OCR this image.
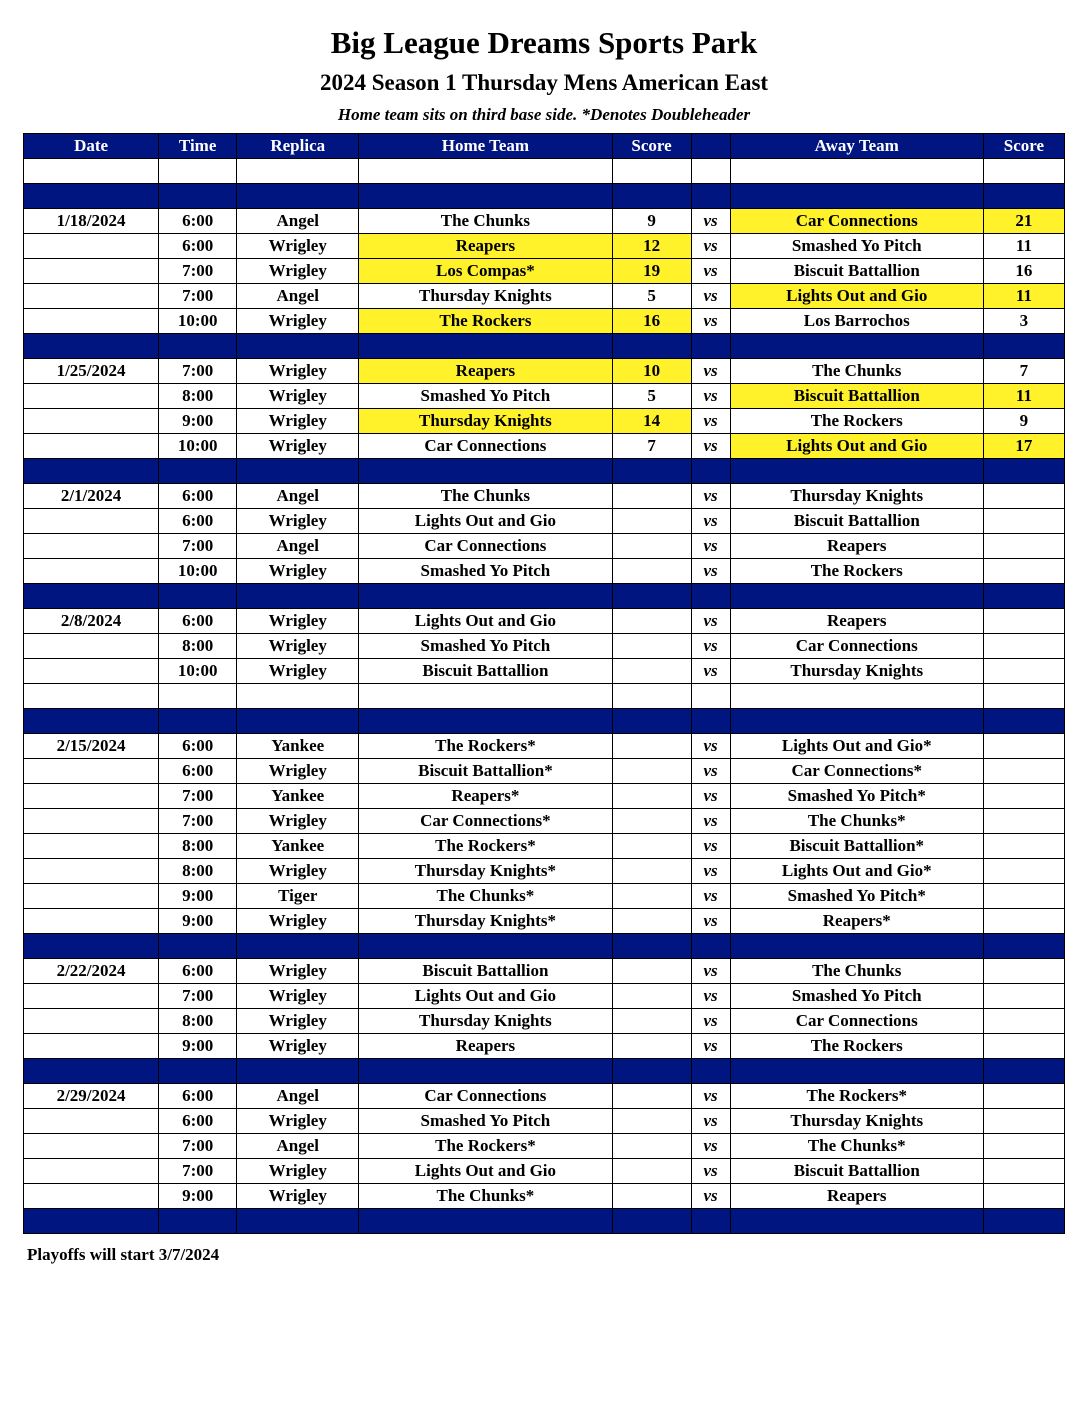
Big League Dreams Sports Park
2024 Season 1 Thursday Mens American East
Home team sits on third base side. *Denotes Doubleheader
Date	Time	Replica	Home Team	Score		Away Team	Score

1/18/2024	6:00	Angel	The Chunks	9	vs	Car Connections	21
	6:00	Wrigley	Reapers	12	vs	Smashed Yo Pitch	11
	7:00	Wrigley	Los Compas*	19	vs	Biscuit Battallion	16
	7:00	Angel	Thursday Knights	5	vs	Lights Out and Gio	11
	10:00	Wrigley	The Rockers	16	vs	Los Barrochos	3

1/25/2024	7:00	Wrigley	Reapers	10	vs	The Chunks	7
	8:00	Wrigley	Smashed Yo Pitch	5	vs	Biscuit Battallion	11
	9:00	Wrigley	Thursday Knights	14	vs	The Rockers	9
	10:00	Wrigley	Car Connections	7	vs	Lights Out and Gio	17

2/1/2024	6:00	Angel	The Chunks		vs	Thursday Knights	
	6:00	Wrigley	Lights Out and Gio		vs	Biscuit Battallion	
	7:00	Angel	Car Connections		vs	Reapers	
	10:00	Wrigley	Smashed Yo Pitch		vs	The Rockers	

2/8/2024	6:00	Wrigley	Lights Out and Gio		vs	Reapers	
	8:00	Wrigley	Smashed Yo Pitch		vs	Car Connections	
	10:00	Wrigley	Biscuit Battallion		vs	Thursday Knights	

2/15/2024	6:00	Yankee	The Rockers*		vs	Lights Out and Gio*	
	6:00	Wrigley	Biscuit Battallion*		vs	Car Connections*	
	7:00	Yankee	Reapers*		vs	Smashed Yo Pitch*	
	7:00	Wrigley	Car Connections*		vs	The Chunks*	
	8:00	Yankee	The Rockers*		vs	Biscuit Battallion*	
	8:00	Wrigley	Thursday Knights*		vs	Lights Out and Gio*	
	9:00	Tiger	The Chunks*		vs	Smashed Yo Pitch*	
	9:00	Wrigley	Thursday Knights*		vs	Reapers*	

2/22/2024	6:00	Wrigley	Biscuit Battallion		vs	The Chunks	
	7:00	Wrigley	Lights Out and Gio		vs	Smashed Yo Pitch	
	8:00	Wrigley	Thursday Knights		vs	Car Connections	
	9:00	Wrigley	Reapers		vs	The Rockers	

2/29/2024	6:00	Angel	Car Connections		vs	The Rockers*	
	6:00	Wrigley	Smashed Yo Pitch		vs	Thursday Knights	
	7:00	Angel	The Rockers*		vs	The Chunks*	
	7:00	Wrigley	Lights Out and Gio		vs	Biscuit Battallion	
	9:00	Wrigley	The Chunks*		vs	Reapers	

Playoffs will start 3/7/2024
